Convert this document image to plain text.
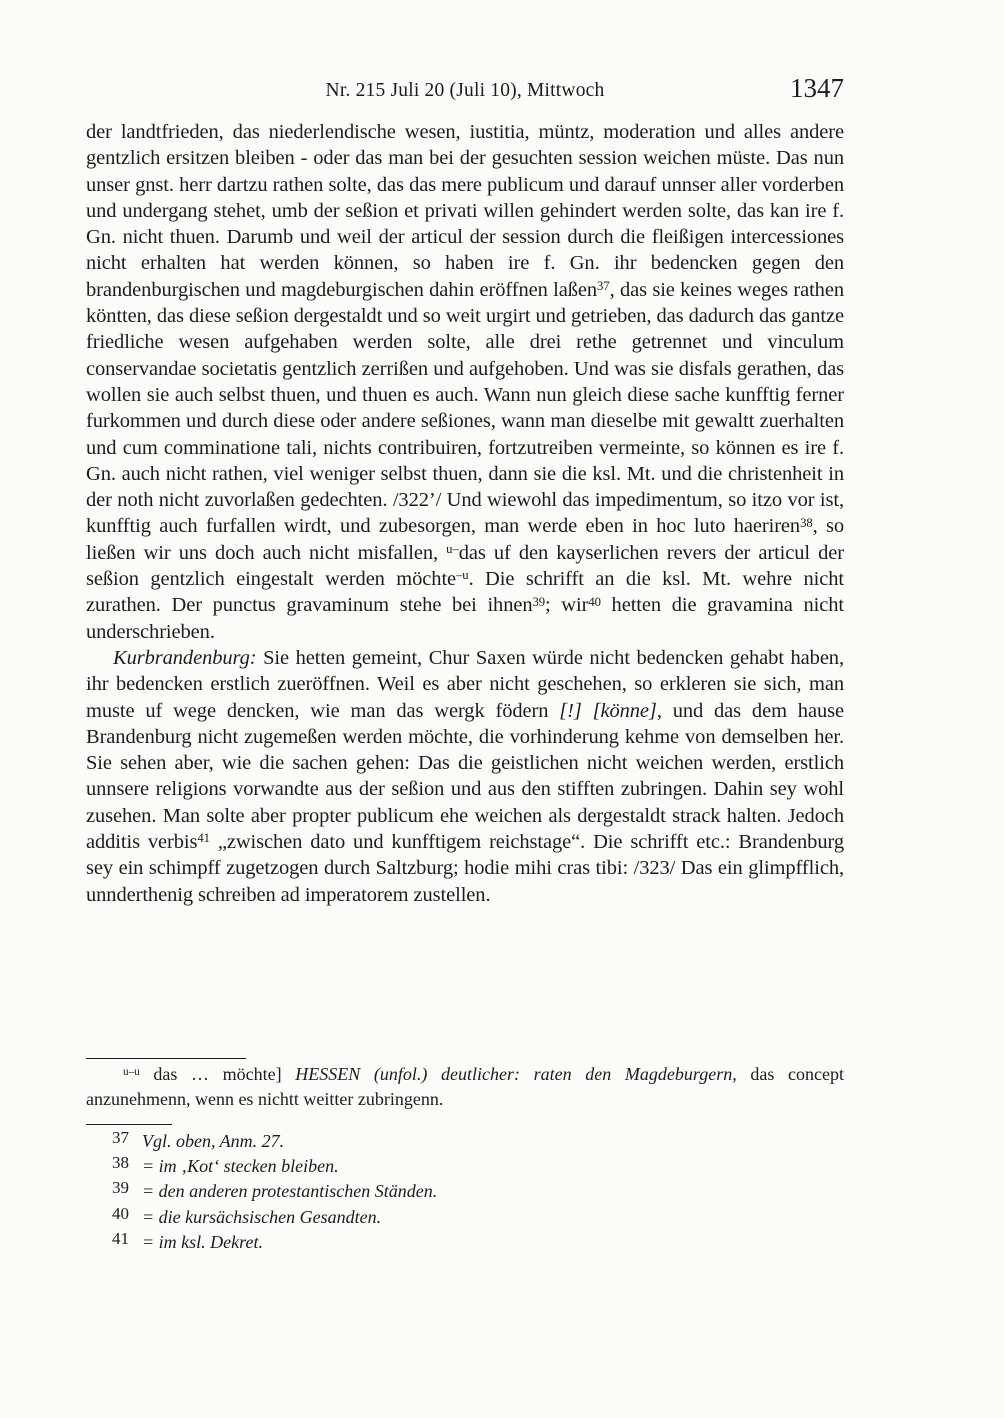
Nr. 215 Juli 20 (Juli 10), Mittwoch	1347

der landtfrieden, das niederlendische wesen, iustitia, müntz, moderation und alles andere gentzlich ersitzen bleiben - oder das man bei der gesuchten session weichen müste. Das nun unser gnst. herr dartzu rathen solte, das das mere publicum und darauf unnser aller vorderben und undergang stehet, umb der seßion et privati willen gehindert werden solte, das kan ire f. Gn. nicht thuen. Darumb und weil der articul der session durch die fleißigen intercessiones nicht erhalten hat werden können, so haben ire f. Gn. ihr bedencken gegen den brandenburgischen und magdeburgischen dahin eröffnen laßen$^{37}$, das sie keines weges rathen köntten, das diese seßion dergestaldt und so weit urgirt und getrieben, das dadurch das gantze friedliche wesen aufgehaben werden solte, alle drei rethe getrennet und vinculum conservandae societatis gentzlich zerrißen und aufgehoben. Und was sie disfals gerathen, das wollen sie auch selbst thuen, und thuen es auch. Wann nun gleich diese sache kunfftig ferner furkommen und durch diese oder andere seßiones, wann man dieselbe mit gewaltt zuerhalten und cum comminatione tali, nichts contribuiren, fortzutreiben vermeinte, so können es ire f. Gn. auch nicht rathen, viel weniger selbst thuen, dann sie die ksl. Mt. und die christenheit in der noth nicht zuvorlaßen gedechten. /322’/ Und wiewohl das impedimentum, so itzo vor ist, kunfftig auch furfallen wirdt, und zubesorgen, man werde eben in hoc luto haeriren$^{38}$, so ließen wir uns doch auch nicht misfallen, $^{u-}$das uf den kayserlichen revers der articul der seßion gentzlich eingestalt werden möchte$^{-u}$. Die schrifft an die ksl. Mt. wehre nicht zurathen. Der punctus gravaminum stehe bei ihnen$^{39}$; wir$^{40}$ hetten die gravamina nicht underschrieben.

Kurbrandenburg: Sie hetten gemeint, Chur Saxen würde nicht bedencken gehabt haben, ihr bedencken erstlich zueröffnen. Weil es aber nicht geschehen, so erkleren sie sich, man muste uf wege dencken, wie man das wergk födern [!] [könne], und das dem hause Brandenburg nicht zugemeßen werden möchte, die vorhinderung kehme von demselben her. Sie sehen aber, wie die sachen gehen: Das die geistlichen nicht weichen werden, erstlich unnsere religions vorwandte aus der seßion und aus den stifften zubringen. Dahin sey wohl zusehen. Man solte aber propter publicum ehe weichen als dergestaldt strack halten. Jedoch additis verbis$^{41}$ „zwischen dato und kunfftigem reichstage“. Die schrifft etc.: Brandenburg sey ein schimpff zugetzogen durch Saltzburg; hodie mihi cras tibi: /323/ Das ein glimpfflich, unnderthenig schreiben ad imperatorem zustellen.

$^{u-u}$ das … möchte] HESSEN (unfol.) deutlicher: raten den Magdeburgern, das concept anzunehmenn, wenn es nichtt weitter zubringenn.

37 Vgl. oben, Anm. 27.
38 = im ‚Kot‘ stecken bleiben.
39 = den anderen protestantischen Ständen.
40 = die kursächsischen Gesandten.
41 = im ksl. Dekret.
